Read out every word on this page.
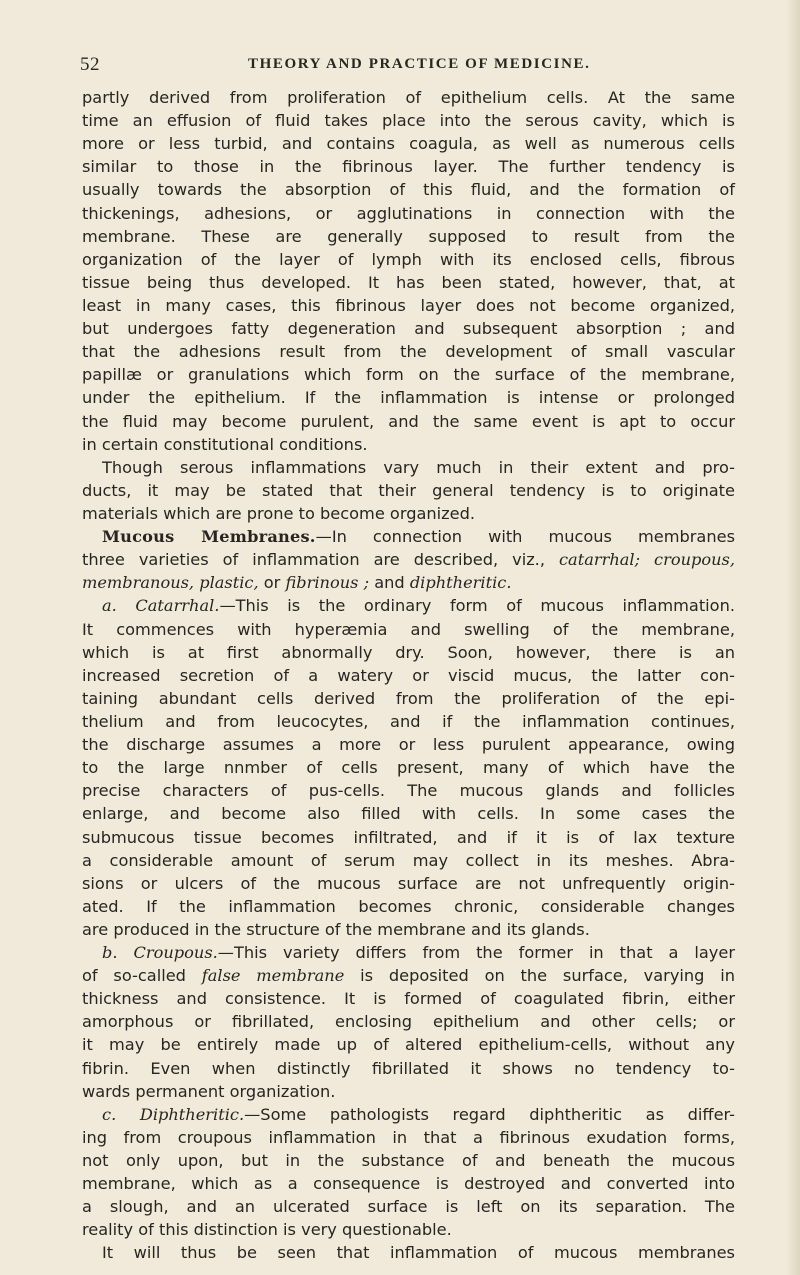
52	THEORY AND PRACTICE OF MEDICINE.
partly derived from proliferation of epithelium cells. At the same
time an effusion of fluid takes place into the serous cavity, which is
more or less turbid, and contains coagula, as well as numerous cells
similar to those in the fibrinous layer. The further tendency is
usually towards the absorption of this fluid, and the formation of
thickenings, adhesions, or agglutinations in connection with the
membrane. These are generally supposed to result from the
organization of the layer of lymph with its enclosed cells, fibrous
tissue being thus developed. It has been stated, however, that, at
least in many cases, this fibrinous layer does not become organized,
but undergoes fatty degeneration and subsequent absorption ; and
that the adhesions result from the development of small vascular
papillæ or granulations which form on the surface of the membrane,
under the epithelium. If the inflammation is intense or prolonged
the fluid may become purulent, and the same event is apt to occur
in certain constitutional conditions.
Though serous inflammations vary much in their extent and pro-
ducts, it may be stated that their general tendency is to originate
materials which are prone to become organized.
Mucous Membranes.—In connection with mucous membranes
three varieties of inflammation are described, viz., catarrhal; croupous,
membranous, plastic, or fibrinous ; and diphtheritic.
a. Catarrhal.—This is the ordinary form of mucous inflammation.
It commences with hyperæmia and swelling of the membrane,
which is at first abnormally dry. Soon, however, there is an
increased secretion of a watery or viscid mucus, the latter con-
taining abundant cells derived from the proliferation of the epi-
thelium and from leucocytes, and if the inflammation continues,
the discharge assumes a more or less purulent appearance, owing
to the large nnmber of cells present, many of which have the
precise characters of pus-cells. The mucous glands and follicles
enlarge, and become also filled with cells. In some cases the
submucous tissue becomes infiltrated, and if it is of lax texture
a considerable amount of serum may collect in its meshes. Abra-
sions or ulcers of the mucous surface are not unfrequently origin-
ated. If the inflammation becomes chronic, considerable changes
are produced in the structure of the membrane and its glands.
b. Croupous.—This variety differs from the former in that a layer
of so-called false membrane is deposited on the surface, varying in
thickness and consistence. It is formed of coagulated fibrin, either
amorphous or fibrillated, enclosing epithelium and other cells; or
it may be entirely made up of altered epithelium-cells, without any
fibrin. Even when distinctly fibrillated it shows no tendency to-
wards permanent organization.
c. Diphtheritic.—Some pathologists regard diphtheritic as differ-
ing from croupous inflammation in that a fibrinous exudation forms,
not only upon, but in the substance of and beneath the mucous
membrane, which as a consequence is destroyed and converted into
a slough, and an ulcerated surface is left on its separation. The
reality of this distinction is very questionable.
It will thus be seen that inflammation of mucous membranes
